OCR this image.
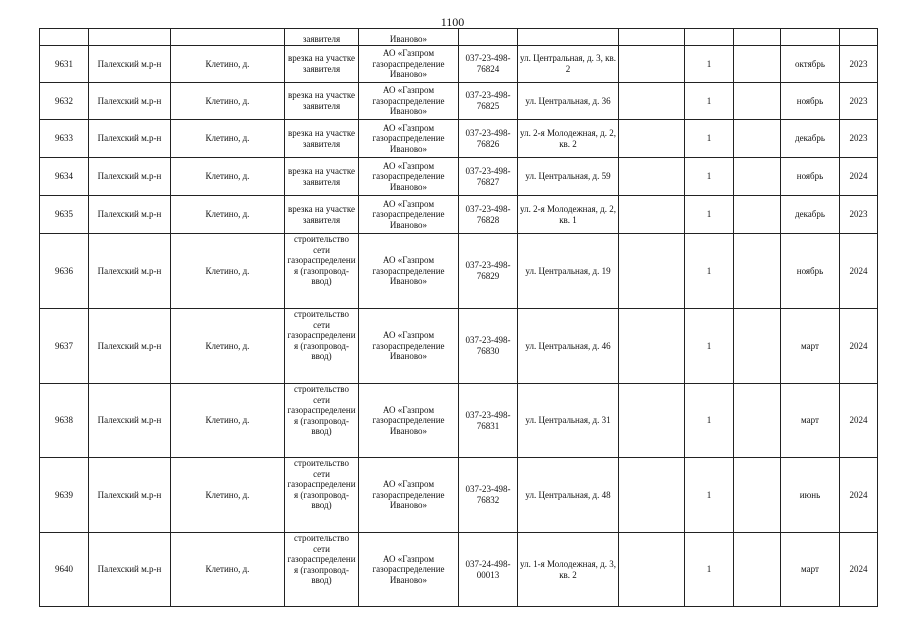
1100
			заявителя	Иваново»							
9631	Палехский м.р-н	Клетино, д.	врезка на участке заявителя	АО «Газпром газораспределение Иваново»	037-23-498-76824	ул. Центральная, д. 3, кв. 2		1		октябрь	2023
9632	Палехский м.р-н	Клетино, д.	врезка на участке заявителя	АО «Газпром газораспределение Иваново»	037-23-498-76825	ул. Центральная, д. 36		1		ноябрь	2023
9633	Палехский м.р-н	Клетино, д.	врезка на участке заявителя	АО «Газпром газораспределение Иваново»	037-23-498-76826	ул. 2-я Молодежная, д. 2, кв. 2		1		декабрь	2023
9634	Палехский м.р-н	Клетино, д.	врезка на участке заявителя	АО «Газпром газораспределение Иваново»	037-23-498-76827	ул. Центральная, д. 59		1		ноябрь	2024
9635	Палехский м.р-н	Клетино, д.	врезка на участке заявителя	АО «Газпром газораспределение Иваново»	037-23-498-76828	ул. 2-я Молодежная, д. 2, кв. 1		1		декабрь	2023
9636	Палехский м.р-н	Клетино, д.	строительство сети газораспределения (газопровод-ввод)	АО «Газпром газораспределение Иваново»	037-23-498-76829	ул. Центральная, д. 19		1		ноябрь	2024
9637	Палехский м.р-н	Клетино, д.	строительство сети газораспределения (газопровод-ввод)	АО «Газпром газораспределение Иваново»	037-23-498-76830	ул. Центральная, д. 46		1		март	2024
9638	Палехский м.р-н	Клетино, д.	строительство сети газораспределения (газопровод-ввод)	АО «Газпром газораспределение Иваново»	037-23-498-76831	ул. Центральная, д. 31		1		март	2024
9639	Палехский м.р-н	Клетино, д.	строительство сети газораспределения (газопровод-ввод)	АО «Газпром газораспределение Иваново»	037-23-498-76832	ул. Центральная, д. 48		1		июнь	2024
9640	Палехский м.р-н	Клетино, д.	строительство сети газораспределения (газопровод-ввод)	АО «Газпром газораспределение Иваново»	037-24-498-00013	ул. 1-я Молодежная, д. 3, кв. 2		1		март	2024
